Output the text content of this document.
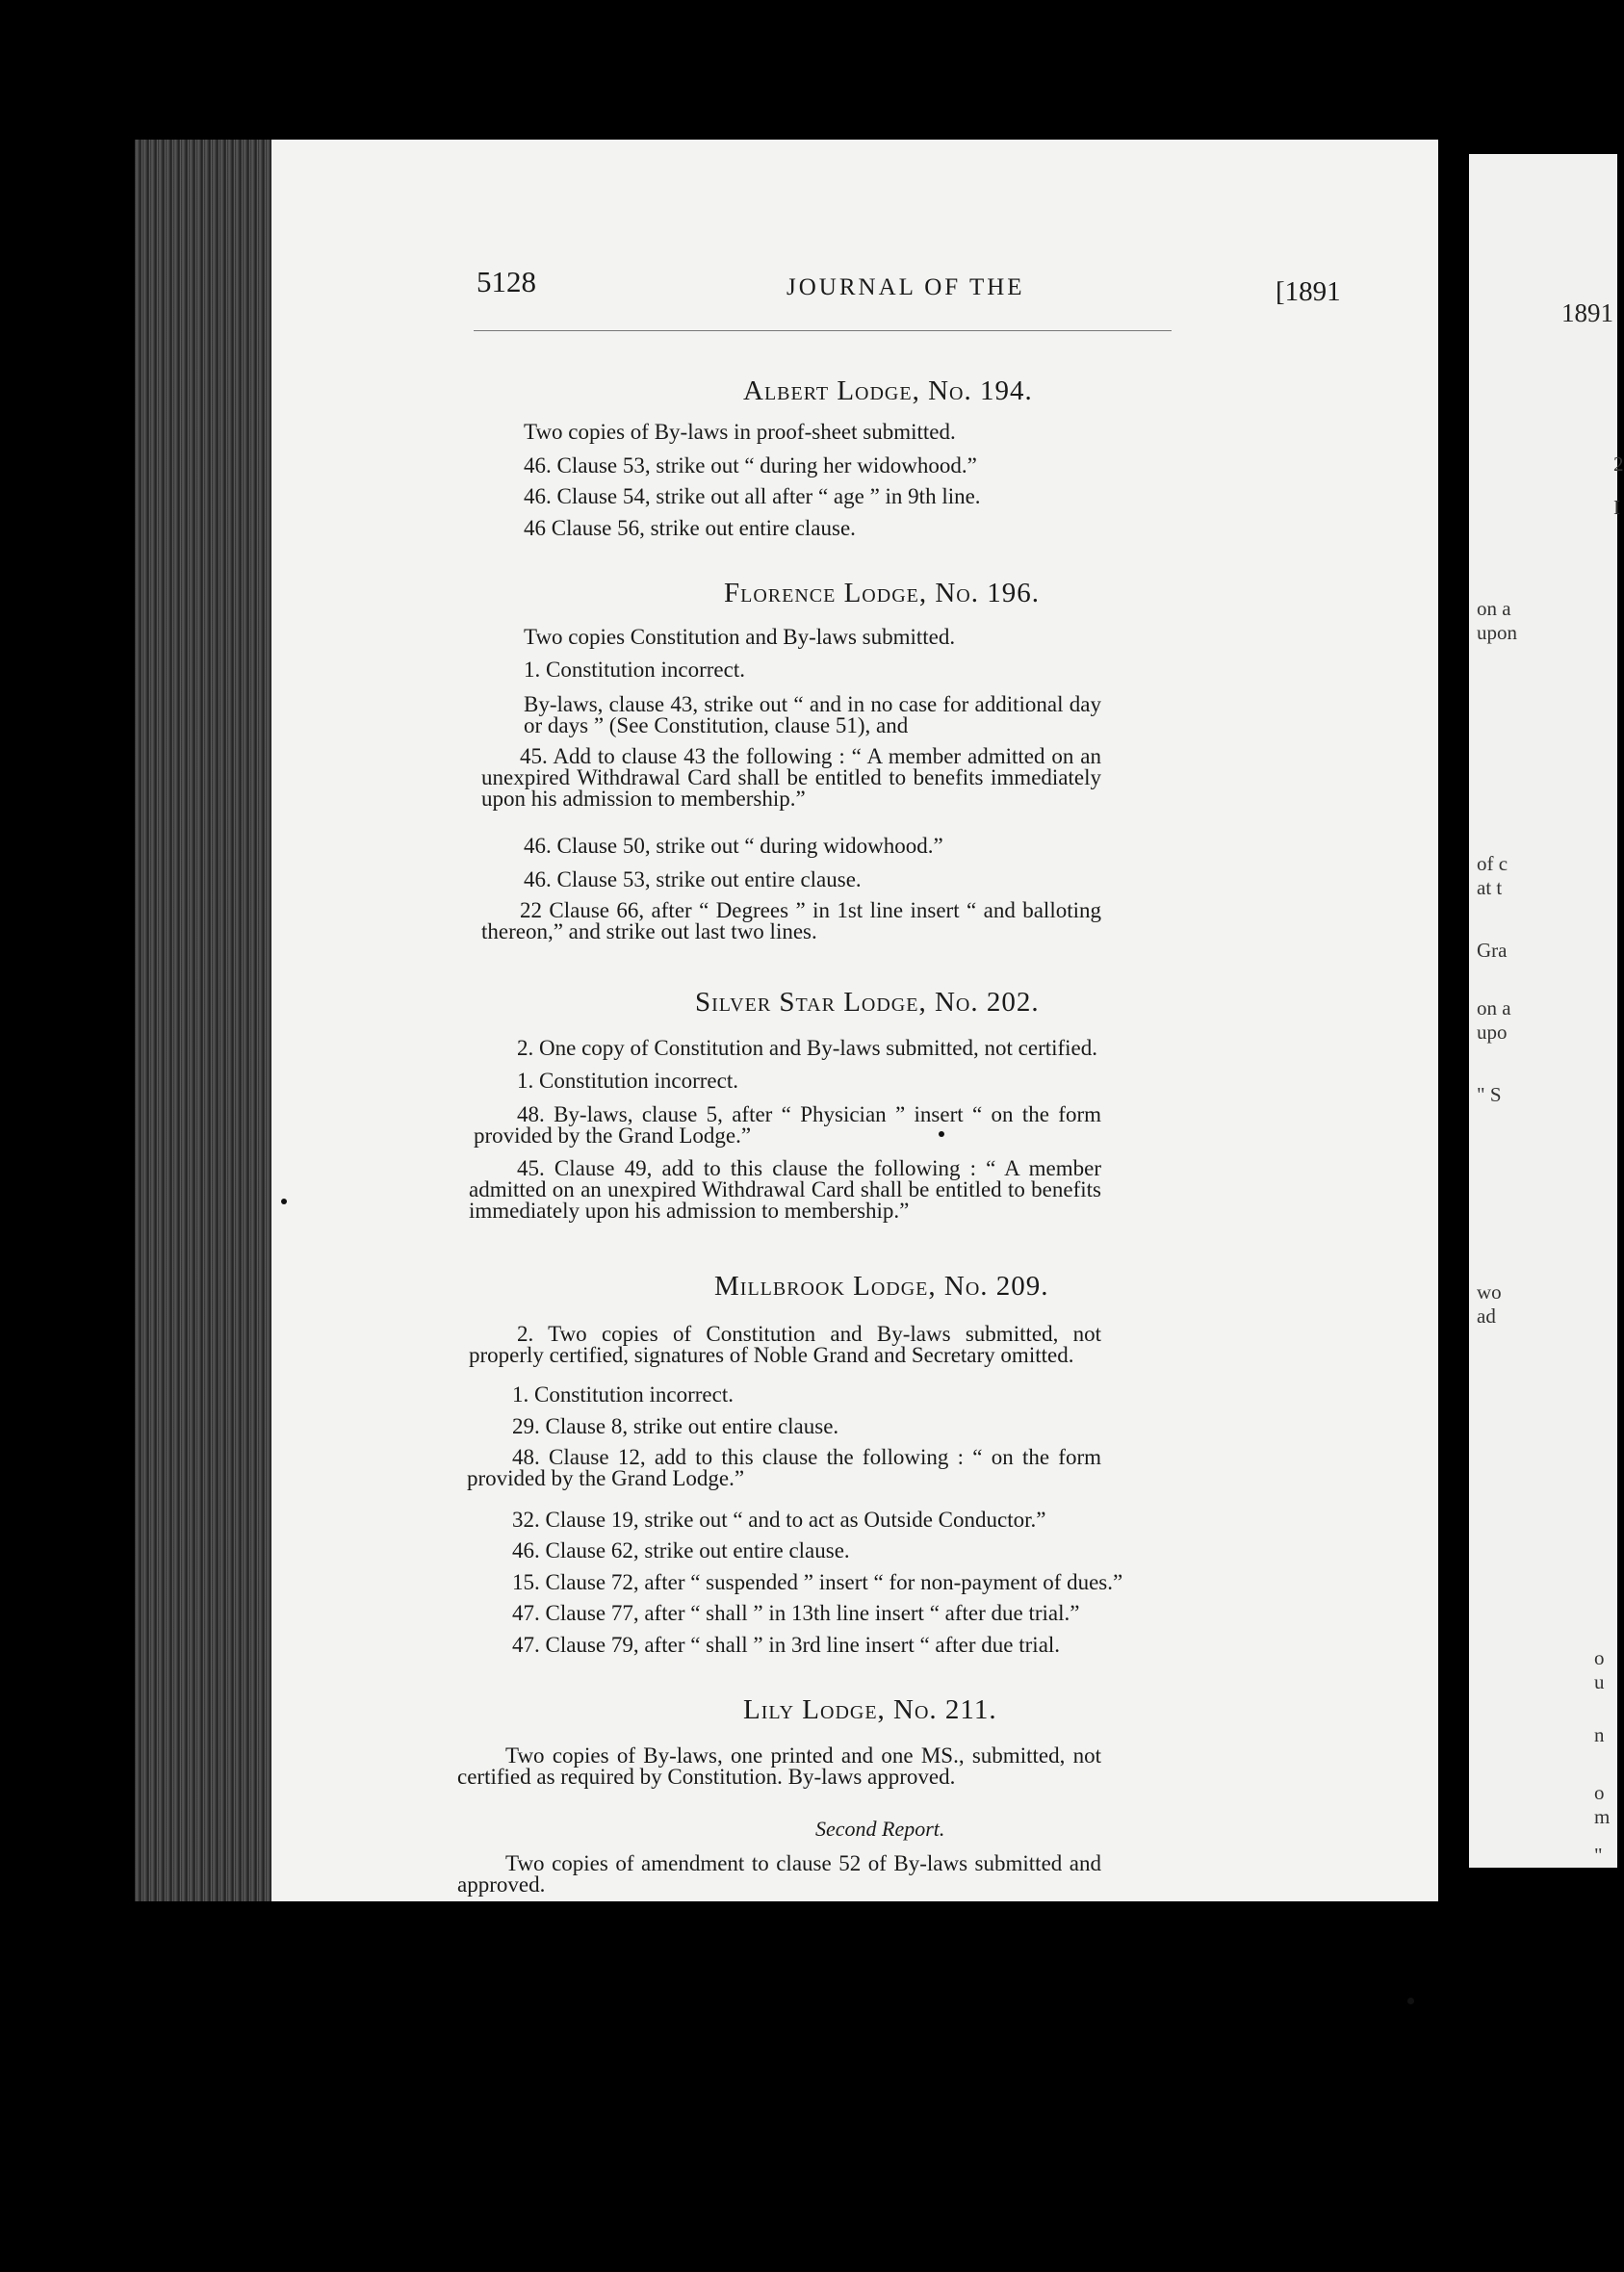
1891
2
I
on a
upon
of c
at t
Gra
on a
upo
" S
wo
ad
o
u
n
o
m
"
5128	JOURNAL OF THE	[1891
Albert Lodge, No. 194.
Two copies of By-laws in proof-sheet submitted.
46. Clause 53, strike out “ during her widowhood.”
46. Clause 54, strike out all after “ age ” in 9th line.
46 Clause 56, strike out entire clause.
Florence Lodge, No. 196.
Two copies Constitution and By-laws submitted.
1. Constitution incorrect.
By-laws, clause 43, strike out “ and in no case for additional day or days ” (See Constitution, clause 51), and
45. Add to clause 43 the following : “ A member admitted on an unexpired Withdrawal Card shall be entitled to benefits immediately upon his admission to membership.”
46. Clause 50, strike out “ during widowhood.”
46. Clause 53, strike out entire clause.
22 Clause 66, after “ Degrees ” in 1st line insert “ and balloting thereon,” and strike out last two lines.
Silver Star Lodge, No. 202.
2. One copy of Constitution and By-laws submitted, not certified.
1. Constitution incorrect.
48. By-laws, clause 5, after “ Physician ” insert “ on the form provided by the Grand Lodge.”
45. Clause 49, add to this clause the following : “ A member admitted on an unexpired Withdrawal Card shall be entitled to benefits immediately upon his admission to membership.”
Millbrook Lodge, No. 209.
2. Two copies of Constitution and By-laws submitted, not properly certified, signatures of Noble Grand and Secretary omitted.
1. Constitution incorrect.
29. Clause 8, strike out entire clause.
48. Clause 12, add to this clause the following : “ on the form provided by the Grand Lodge.”
32. Clause 19, strike out “ and to act as Outside Conductor.”
46. Clause 62, strike out entire clause.
15. Clause 72, after “ suspended ” insert “ for non-payment of dues.”
47. Clause 77, after “ shall ” in 13th line insert “ after due trial.”
47. Clause 79, after “ shall ” in 3rd line insert “ after due trial.
Lily Lodge, No. 211.
Two copies of By-laws, one printed and one MS., submitted, not certified as required by Constitution. By-laws approved.
Second Report.
Two copies of amendment to clause 52 of By-laws submitted and approved.
